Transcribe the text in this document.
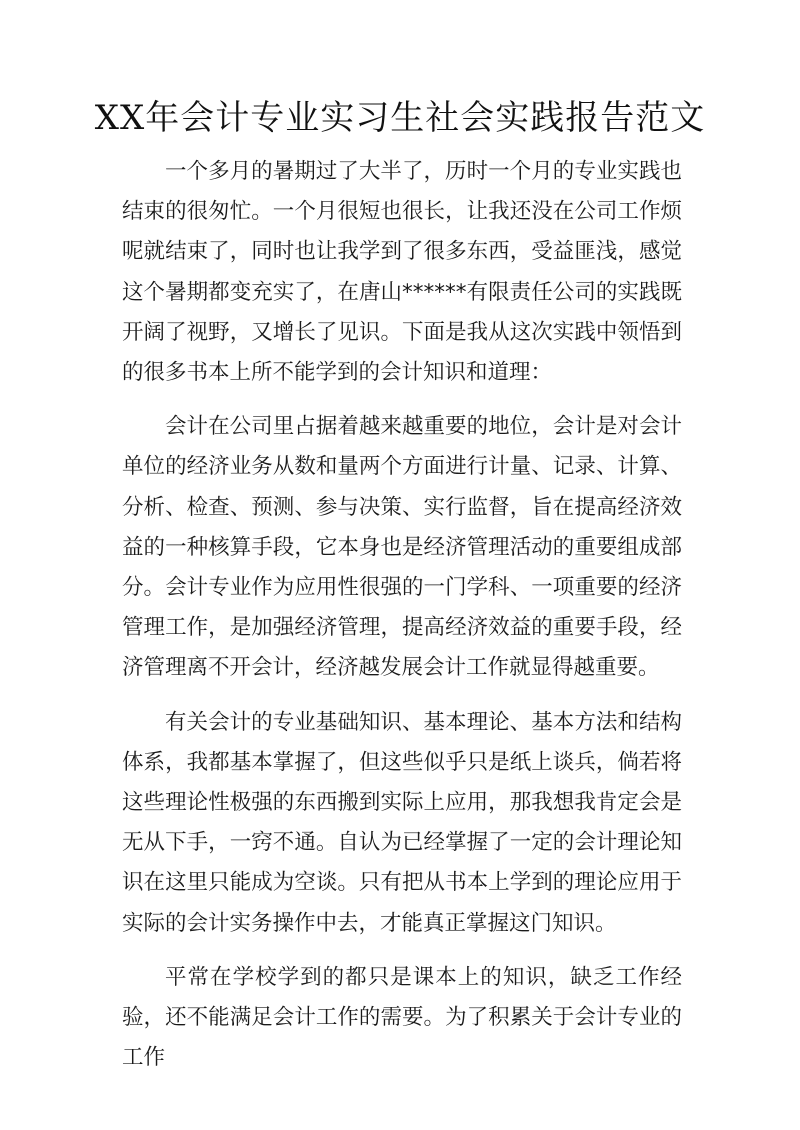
XX年会计专业实习生社会实践报告范文

一个多月的暑期过了大半了，历时一个月的专业实践也结束的很匆忙。一个月很短也很长，让我还没在公司工作烦呢就结束了，同时也让我学到了很多东西，受益匪浅，感觉这个暑期都变充实了，在唐山******有限责任公司的实践既开阔了视野，又增长了见识。下面是我从这次实践中领悟到的很多书本上所不能学到的会计知识和道理：

会计在公司里占据着越来越重要的地位，会计是对会计单位的经济业务从数和量两个方面进行计量、记录、计算、分析、检查、预测、参与决策、实行监督，旨在提高经济效益的一种核算手段，它本身也是经济管理活动的重要组成部分。会计专业作为应用性很强的一门学科、一项重要的经济管理工作，是加强经济管理，提高经济效益的重要手段，经济管理离不开会计，经济越发展会计工作就显得越重要。

有关会计的专业基础知识、基本理论、基本方法和结构体系，我都基本掌握了，但这些似乎只是纸上谈兵，倘若将这些理论性极强的东西搬到实际上应用，那我想我肯定会是无从下手，一窍不通。自认为已经掌握了一定的会计理论知识在这里只能成为空谈。只有把从书本上学到的理论应用于实际的会计实务操作中去，才能真正掌握这门知识。

平常在学校学到的都只是课本上的知识，缺乏工作经验，还不能满足会计工作的需要。为了积累关于会计专业的工作
